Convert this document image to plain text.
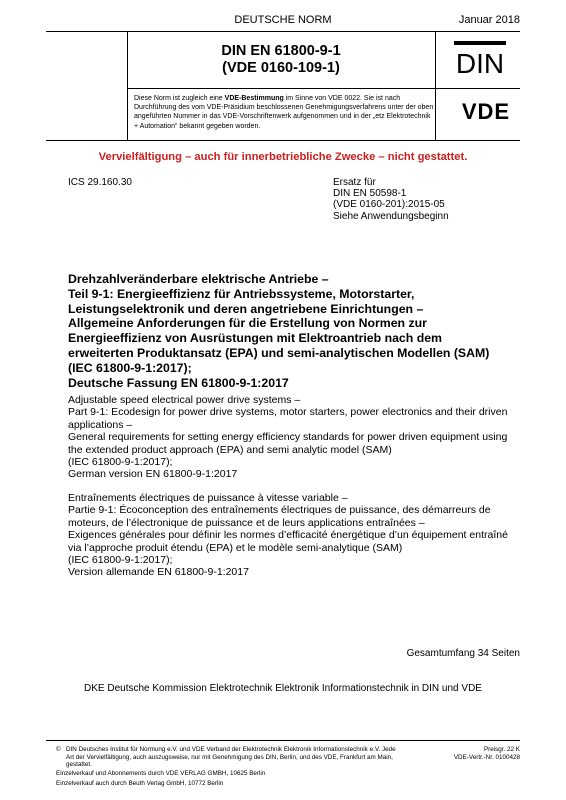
DEUTSCHE NORM	Januar 2018
DIN EN 61800-9-1
(VDE 0160-109-1)	DIN
Diese Norm ist zugleich eine VDE-Bestimmung im Sinne von VDE 0022. Sie ist nach Durchführung des vom VDE-Präsidium beschlossenen Genehmigungsverfahrens unter der oben angeführten Nummer in das VDE-Vorschriftenwerk aufgenommen und in der „etz Elektrotechnik + Automation“ bekannt gegeben worden.
VDE
Vervielfältigung – auch für innerbetriebliche Zwecke – nicht gestattet.
ICS 29.160.30	Ersatz für
DIN EN 50598-1
(VDE 0160-201):2015-05
Siehe Anwendungsbeginn
Drehzahlveränderbare elektrische Antriebe –
Teil 9-1: Energieeffizienz für Antriebssysteme, Motorstarter,
Leistungselektronik und deren angetriebene Einrichtungen –
Allgemeine Anforderungen für die Erstellung von Normen zur
Energieeffizienz von Ausrüstungen mit Elektroantrieb nach dem
erweiterten Produktansatz (EPA) und semi-analytischen Modellen (SAM)
(IEC 61800-9-1:2017);
Deutsche Fassung EN 61800-9-1:2017
Adjustable speed electrical power drive systems –
Part 9-1: Ecodesign for power drive systems, motor starters, power electronics and their driven
applications –
General requirements for setting energy efficiency standards for power driven equipment using
the extended product approach (EPA) and semi analytic model (SAM)
(IEC 61800-9-1:2017);
German version EN 61800-9-1:2017
Entraînements électriques de puissance à vitesse variable –
Partie 9-1: Écoconception des entraînements électriques de puissance, des démarreurs de
moteurs, de l’électronique de puissance et de leurs applications entraînées –
Exigences générales pour définir les normes d’efficacité énergétique d’un équipement entraîné
via l’approche produit étendu (EPA) et le modèle semi-analytique (SAM)
(IEC 61800-9-1:2017);
Version allemande EN 61800-9-1:2017
Gesamtumfang 34 Seiten
DKE Deutsche Kommission Elektrotechnik Elektronik Informationstechnik in DIN und VDE
© DIN Deutsches Institut für Normung e.V. und VDE Verband der Elektrotechnik Elektronik Informationstechnik e.V. Jede Art der Vervielfältigung, auch auszugsweise, nur mit Genehmigung des DIN, Berlin, und des VDE, Frankfurt am Main, gestattet.
Preisgr. 22 K
VDE-Vertr.-Nr. 0100428
Einzelverkauf und Abonnements durch VDE VERLAG GMBH, 10625 Berlin
Einzelverkauf auch durch Beuth Verlag GmbH, 10772 Berlin
